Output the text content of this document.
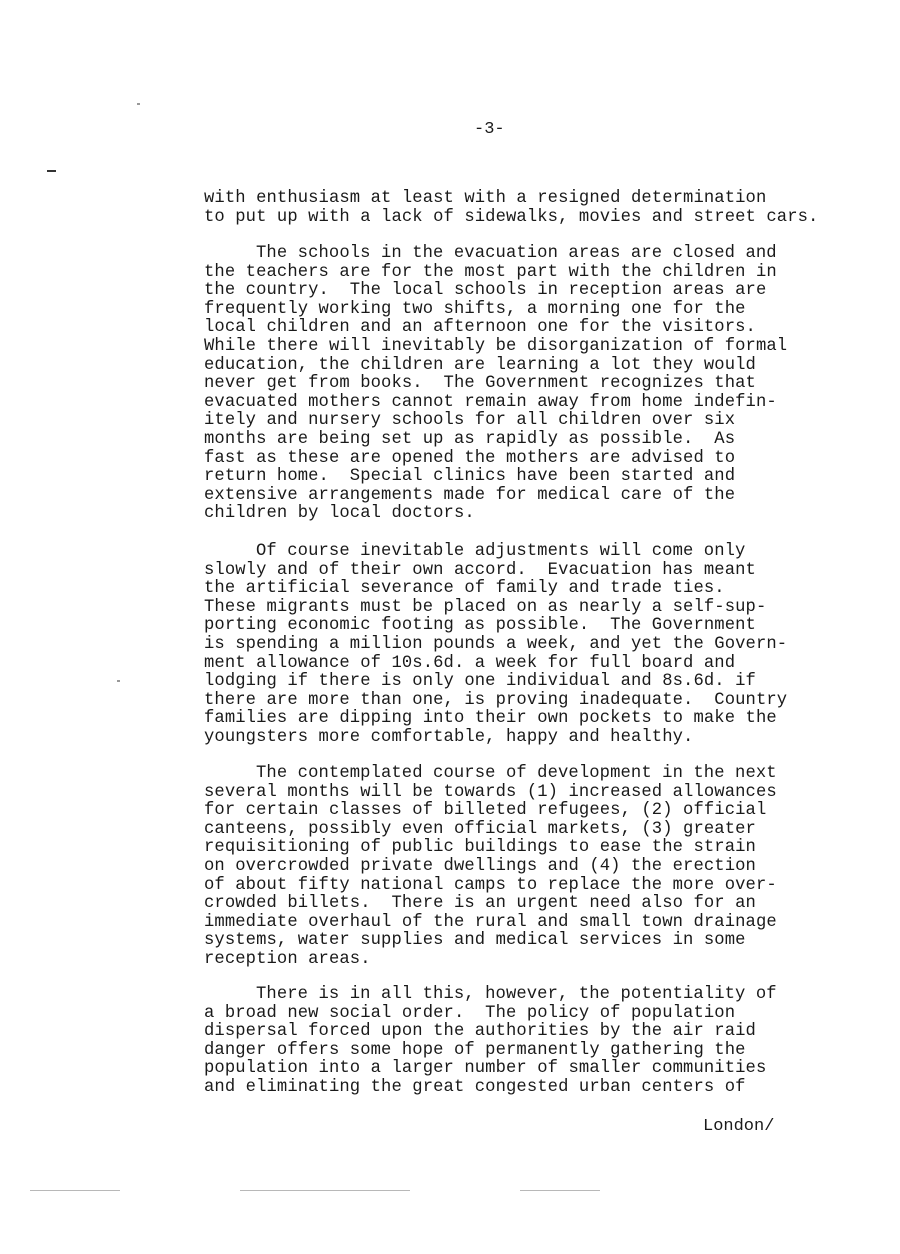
-3-
with enthusiasm at least with a resigned determination
to put up with a lack of sidewalks, movies and street cars.
The schools in the evacuation areas are closed and
the teachers are for the most part with the children in
the country.  The local schools in reception areas are
frequently working two shifts, a morning one for the
local children and an afternoon one for the visitors.
While there will inevitably be disorganization of formal
education, the children are learning a lot they would
never get from books.  The Government recognizes that
evacuated mothers cannot remain away from home indefin-
itely and nursery schools for all children over six
months are being set up as rapidly as possible.  As
fast as these are opened the mothers are advised to
return home.  Special clinics have been started and
extensive arrangements made for medical care of the
children by local doctors.
Of course inevitable adjustments will come only
slowly and of their own accord.  Evacuation has meant
the artificial severance of family and trade ties.
These migrants must be placed on as nearly a self-sup-
porting economic footing as possible.  The Government
is spending a million pounds a week, and yet the Govern-
ment allowance of 10s.6d. a week for full board and
lodging if there is only one individual and 8s.6d. if
there are more than one, is proving inadequate.  Country
families are dipping into their own pockets to make the
youngsters more comfortable, happy and healthy.
The contemplated course of development in the next
several months will be towards (1) increased allowances
for certain classes of billeted refugees, (2) official
canteens, possibly even official markets, (3) greater
requisitioning of public buildings to ease the strain
on overcrowded private dwellings and (4) the erection
of about fifty national camps to replace the more over-
crowded billets.  There is an urgent need also for an
immediate overhaul of the rural and small town drainage
systems, water supplies and medical services in some
reception areas.
There is in all this, however, the potentiality of
a broad new social order.  The policy of population
dispersal forced upon the authorities by the air raid
danger offers some hope of permanently gathering the
population into a larger number of smaller communities
and eliminating the great congested urban centers of
London/
